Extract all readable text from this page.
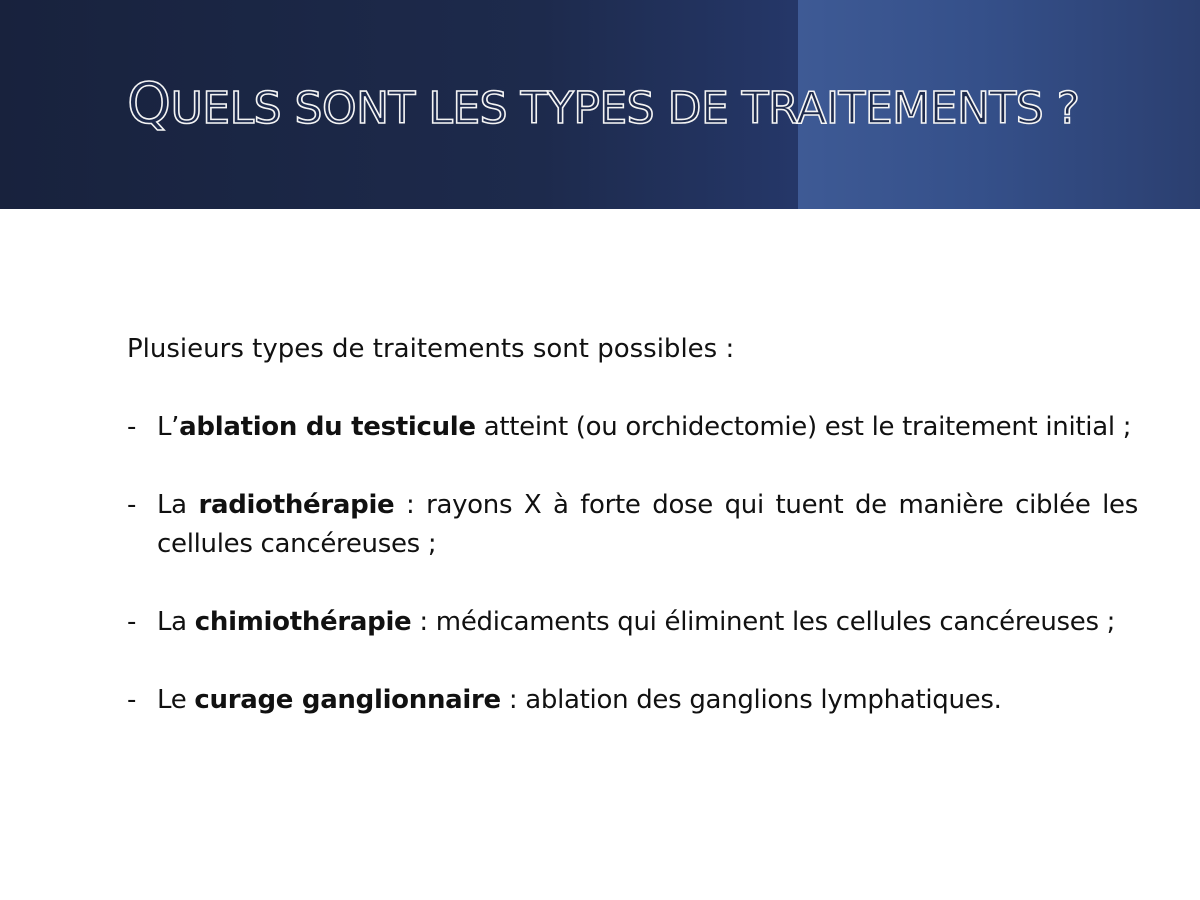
QUELS SONT LES TYPES DE TRAITEMENTS ?

Plusieurs types de traitements sont possibles :

- L’ablation du testicule atteint (ou orchidectomie) est le traitement initial ;
- La radiothérapie : rayons X à forte dose qui tuent de manière ciblée les cellules cancéreuses ;
- La chimiothérapie : médicaments qui éliminent les cellules cancéreuses ;
- Le curage ganglionnaire : ablation des ganglions lymphatiques.
